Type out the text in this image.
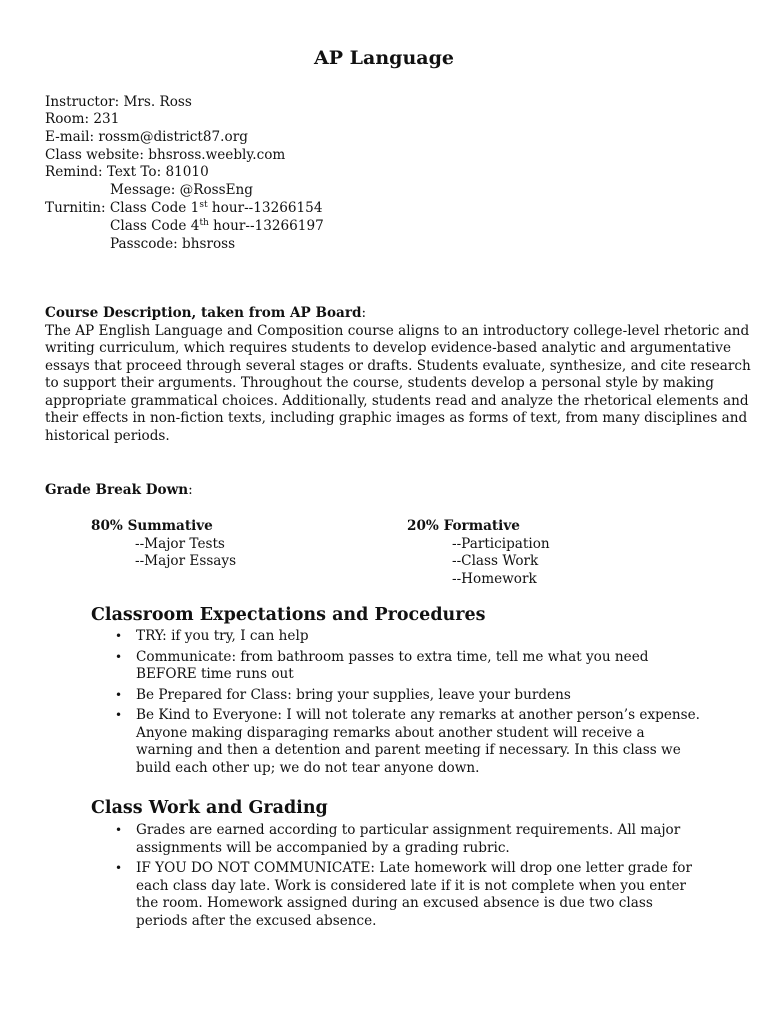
AP Language
Instructor: Mrs. Ross
Room: 231
E-mail: rossm@district87.org
Class website: bhsross.weebly.com
Remind: Text To: 81010
Message: @RossEng
Turnitin: Class Code 1st hour--13266154
Class Code 4th hour--13266197
Passcode: bhsross
Course Description, taken from AP Board:
The AP English Language and Composition course aligns to an introductory college-level rhetoric and
writing curriculum, which requires students to develop evidence-based analytic and argumentative
essays that proceed through several stages or drafts. Students evaluate, synthesize, and cite research
to support their arguments. Throughout the course, students develop a personal style by making
appropriate grammatical choices. Additionally, students read and analyze the rhetorical elements and
their effects in non-fiction texts, including graphic images as forms of text, from many disciplines and
historical periods.
Grade Break Down:
80% Summative
--Major Tests
--Major Essays
20% Formative
--Participation
--Class Work
--Homework
Classroom Expectations and Procedures
• TRY: if you try, I can help
• Communicate: from bathroom passes to extra time, tell me what you need
BEFORE time runs out
• Be Prepared for Class: bring your supplies, leave your burdens
• Be Kind to Everyone: I will not tolerate any remarks at another person’s expense.
Anyone making disparaging remarks about another student will receive a
warning and then a detention and parent meeting if necessary. In this class we
build each other up; we do not tear anyone down.
Class Work and Grading
• Grades are earned according to particular assignment requirements. All major
assignments will be accompanied by a grading rubric.
• IF YOU DO NOT COMMUNICATE: Late homework will drop one letter grade for
each class day late. Work is considered late if it is not complete when you enter
the room. Homework assigned during an excused absence is due two class
periods after the excused absence.
